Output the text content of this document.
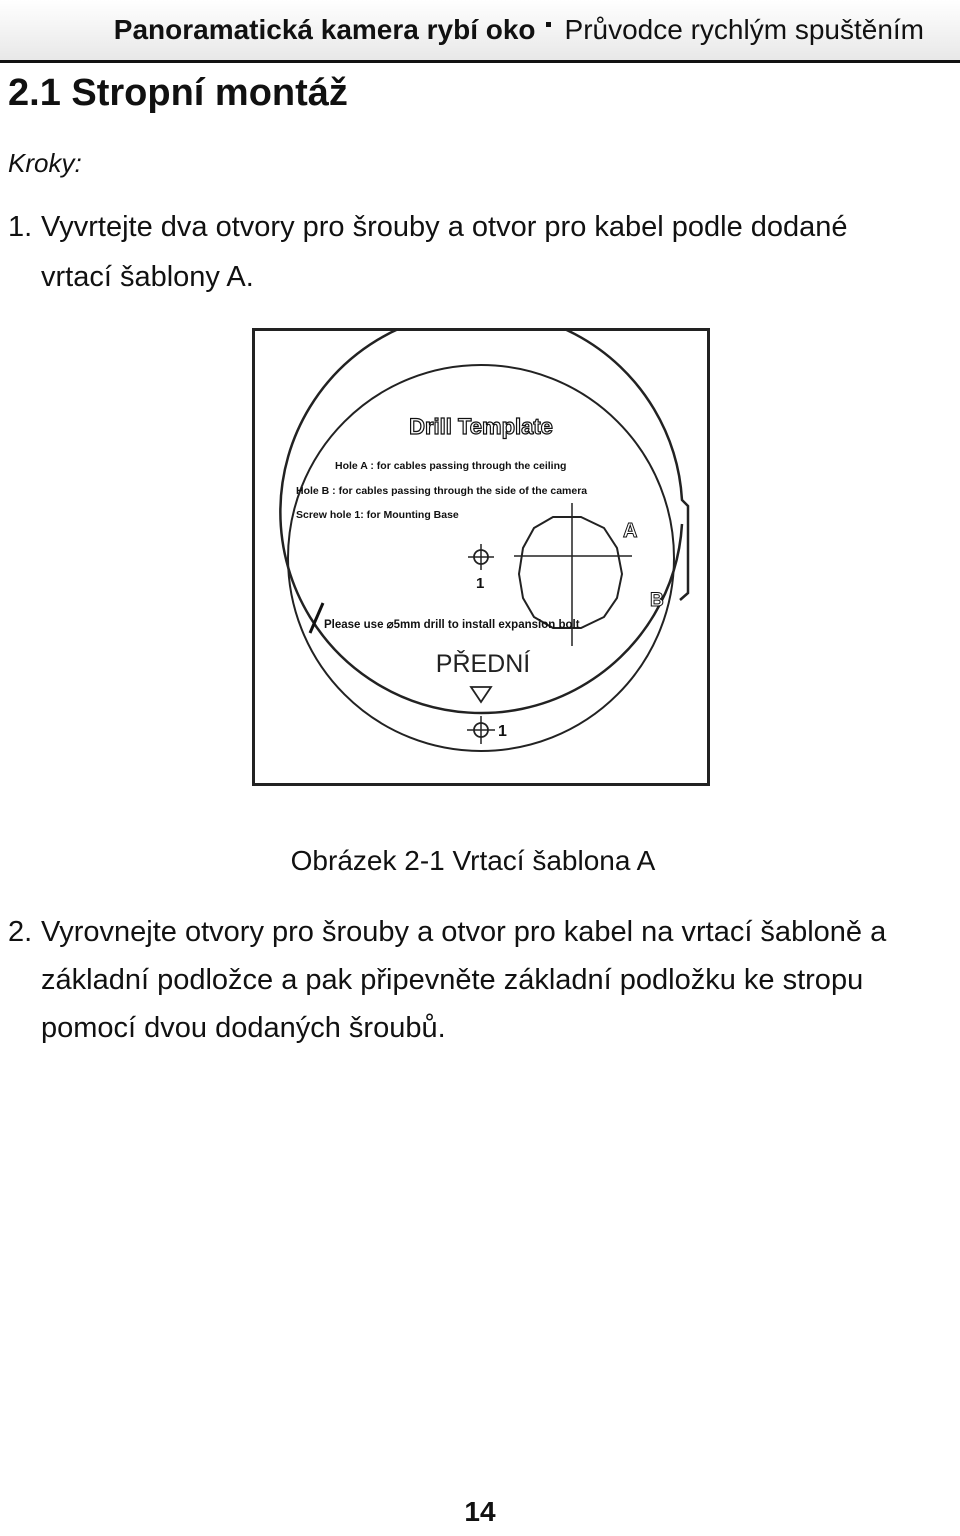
Panoramatická kamera rybí oko Průvodce rychlým spuštěním
2.1 Stropní montáž
Kroky:
1. Vyvrtejte dva otvory pro šrouby a otvor pro kabel podle dodané
vrtací šablony A.
Drill Template
Hole A : for cables passing through the ceiling
Hole B : for cables passing through the side of the camera
Screw hole 1: for Mounting Base
A
B
1
Please use ⌀5mm drill to install expansion bolt
PŘEDNÍ
1
Obrázek 2-1 Vrtací šablona A
2. Vyrovnejte otvory pro šrouby a otvor pro kabel na vrtací šabloně a
základní podložce a pak připevněte základní podložku ke stropu
pomocí dvou dodaných šroubů.
14
